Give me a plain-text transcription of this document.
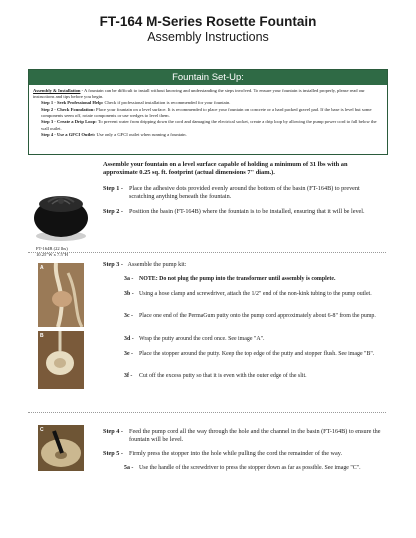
FT-164 M-Series Rosette Fountain
Assembly Instructions
Fountain Set-Up:
Assembly & Installation - A fountain can be difficult to install without knowing and understanding the steps involved. To ensure your fountain is installed properly, please read our instructions and tips before you begin.
Step 1 - Seek Professional Help: Check if professional installation is recommended for your fountain.
Step 2 - Check Foundation: Place your fountain on a level surface. It is recommended to place your fountain on concrete or a hard packed gravel pad. If the base is level but some components seem off, rotate components or use wedges to level them.
Step 3 - Create a Drip Loop: To prevent water from dripping down the cord and damaging the electrical socket, create a drip loop by allowing the pump power cord to fall below the wall outlet.
Step 4 - Use a GFCI Outlet: Use only a GFCI outlet when running a fountain.
Assemble your fountain on a level surface capable of holding a minimum of 31 lbs with an approximate 0.25 sq. ft. footprint (actual dimensions 7" diam.).
FT-164B (22 lbs)
10.25"W x 7.5"H
Step 1 - Place the adhesive dots provided evenly around the bottom of the basin (FT-164B) to prevent scratching anything beneath the fountain.
Step 2 - Position the basin (FT-164B) where the fountain is to be installed, ensuring that it will be level.
A
B
Step 3 - Assemble the pump kit:
3a - NOTE: Do not plug the pump into the transformer until assembly is complete.
3b - Using a hose clamp and screwdriver, attach the 1/2" end of the non-kink tubing to the pump outlet.
3c - Place one end of the PermaGum putty onto the pump cord approximately about 6-8" from the pump.
3d - Wrap the putty around the cord once. See image "A".
3e - Place the stopper around the putty. Keep the top edge of the putty and stopper flush. See image "B".
3f - Cut off the excess putty so that it is even with the outer edge of the slit.
C	Step 4 - Feed the pump cord all the way through the hole and the channel in the basin (FT-164B) to ensure the fountain will be level.
Step 5 - Firmly press the stopper into the hole while pulling the cord the remainder of the way.
5a - Use the handle of the screwdriver to press the stopper down as far as possible. See image "C".
